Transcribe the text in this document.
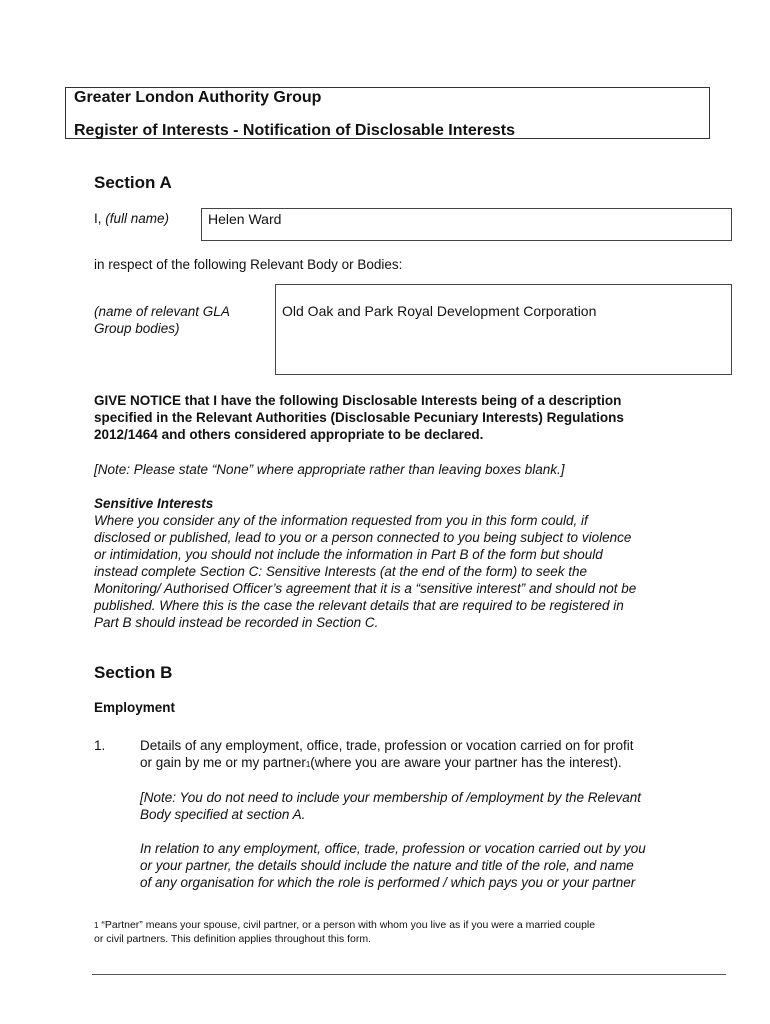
Greater London Authority Group
Register of Interests - Notification of Disclosable Interests
Section A
I, (full name)	Helen Ward
in respect of the following Relevant Body or Bodies:
(name of relevant GLA
Group bodies)
Old Oak and Park Royal Development Corporation
GIVE NOTICE that I have the following Disclosable Interests being of a description
specified in the Relevant Authorities (Disclosable Pecuniary Interests) Regulations
2012/1464 and others considered appropriate to be declared.
[Note: Please state “None” where appropriate rather than leaving boxes blank.]
Sensitive Interests
Where you consider any of the information requested from you in this form could, if
disclosed or published, lead to you or a person connected to you being subject to violence
or intimidation, you should not include the information in Part B of the form but should
instead complete Section C: Sensitive Interests (at the end of the form) to seek the
Monitoring/ Authorised Officer’s agreement that it is a “sensitive interest” and should not be
published. Where this is the case the relevant details that are required to be registered in
Part B should instead be recorded in Section C.
Section B
Employment
1.	Details of any employment, office, trade, profession or vocation carried on for profit
or gain by me or my partner1(where you are aware your partner has the interest).
[Note: You do not need to include your membership of /employment by the Relevant
Body specified at section A.
In relation to any employment, office, trade, profession or vocation carried out by you
or your partner, the details should include the nature and title of the role, and name
of any organisation for which the role is performed / which pays you or your partner
1 “Partner” means your spouse, civil partner, or a person with whom you live as if you were a married couple
or civil partners. This definition applies throughout this form.
